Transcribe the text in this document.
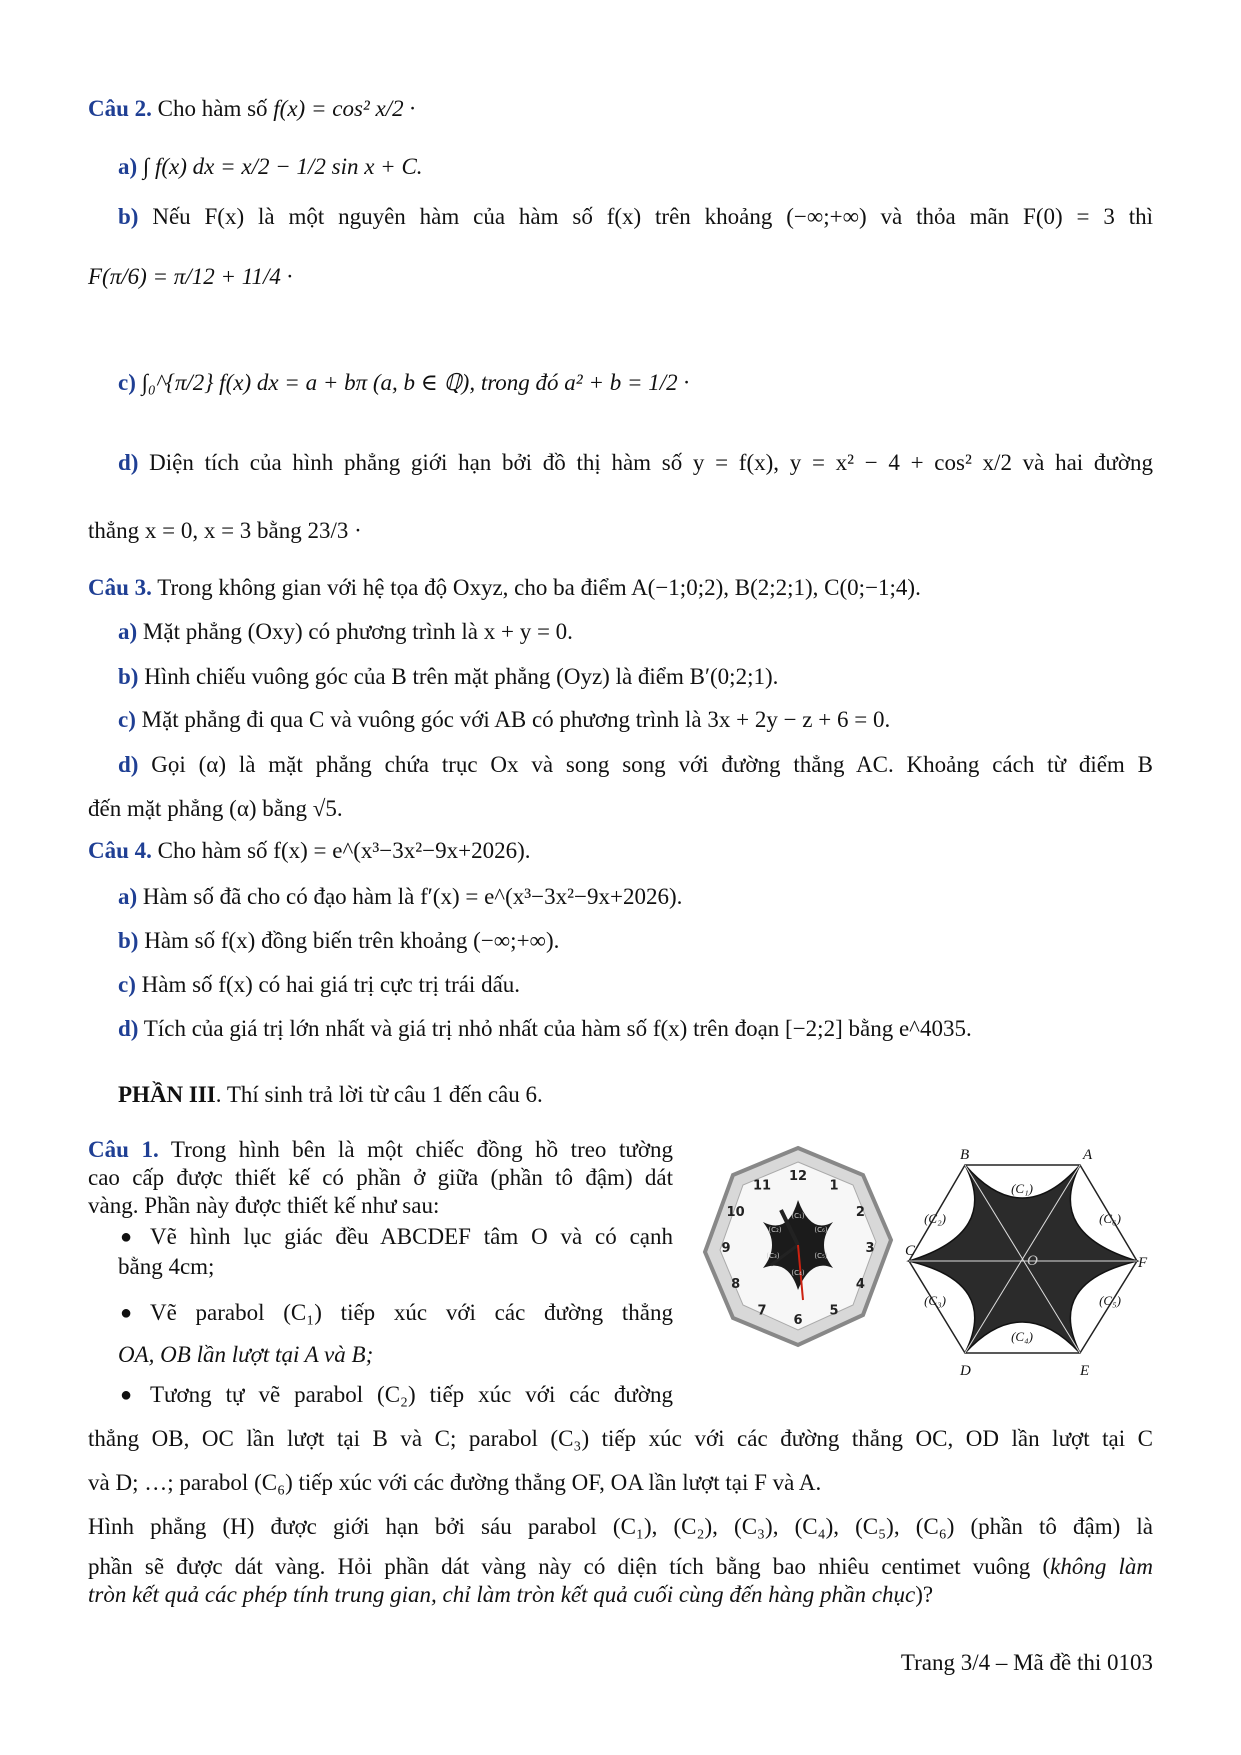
Câu 2. Cho hàm số f(x) = cos² x/2 ·
a) ∫ f(x) dx = x/2 − 1/2 sin x + C.
b) Nếu F(x) là một nguyên hàm của hàm số f(x) trên khoảng (−∞;+∞) và thỏa mãn F(0) = 3 thì
F(π/6) = π/12 + 11/4 ·
c) ∫₀^{π/2} f(x) dx = a + bπ (a, b ∈ ℚ), trong đó a² + b = 1/2 ·
d) Diện tích của hình phẳng giới hạn bởi đồ thị hàm số y = f(x), y = x² − 4 + cos² x/2 và hai đường
thẳng x = 0, x = 3 bằng 23/3 ·
Câu 3. Trong không gian với hệ tọa độ Oxyz, cho ba điểm A(−1;0;2), B(2;2;1), C(0;−1;4).
a) Mặt phẳng (Oxy) có phương trình là x + y = 0.
b) Hình chiếu vuông góc của B trên mặt phẳng (Oyz) là điểm B′(0;2;1).
c) Mặt phẳng đi qua C và vuông góc với AB có phương trình là 3x + 2y − z + 6 = 0.
d) Gọi (α) là mặt phẳng chứa trục Ox và song song với đường thẳng AC. Khoảng cách từ điểm B
đến mặt phẳng (α) bằng √5.
Câu 4. Cho hàm số f(x) = e^(x³−3x²−9x+2026).
a) Hàm số đã cho có đạo hàm là f′(x) = e^(x³−3x²−9x+2026).
b) Hàm số f(x) đồng biến trên khoảng (−∞;+∞).
c) Hàm số f(x) có hai giá trị cực trị trái dấu.
d) Tích của giá trị lớn nhất và giá trị nhỏ nhất của hàm số f(x) trên đoạn [−2;2] bằng e^4035.
PHẦN III. Thí sinh trả lời từ câu 1 đến câu 6.
Câu 1. Trong hình bên là một chiếc đồng hồ treo tường
cao cấp được thiết kế có phần ở giữa (phần tô đậm) dát
vàng. Phần này được thiết kế như sau:
● Vẽ hình lục giác đều ABCDEF tâm O và có cạnh
bằng 4cm;
● Vẽ parabol (C₁) tiếp xúc với các đường thẳng
OA, OB lần lượt tại A và B;
● Tương tự vẽ parabol (C₂) tiếp xúc với các đường
thẳng OB, OC lần lượt tại B và C; parabol (C₃) tiếp xúc với các đường thẳng OC, OD lần lượt tại C
và D; …; parabol (C₆) tiếp xúc với các đường thẳng OF, OA lần lượt tại F và A.
Hình phẳng (H) được giới hạn bởi sáu parabol (C₁), (C₂), (C₃), (C₄), (C₅), (C₆) (phần tô đậm) là
phần sẽ được dát vàng. Hỏi phần dát vàng này có diện tích bằng bao nhiêu centimet vuông (không làm
tròn kết quả các phép tính trung gian, chỉ làm tròn kết quả cuối cùng đến hàng phần chục)?
12
1
2
3
4
5
6
7
8
9
10
11
(C₁)
(C₂)
(C₃)
(C₄)
(C₅)
(C₆)
A
B
C
D	E
F
O
(C₁)
(C₂)
(C₃)
(C₄)
(C₅)
(C₆)
Trang 3/4 – Mã đề thi 0103
